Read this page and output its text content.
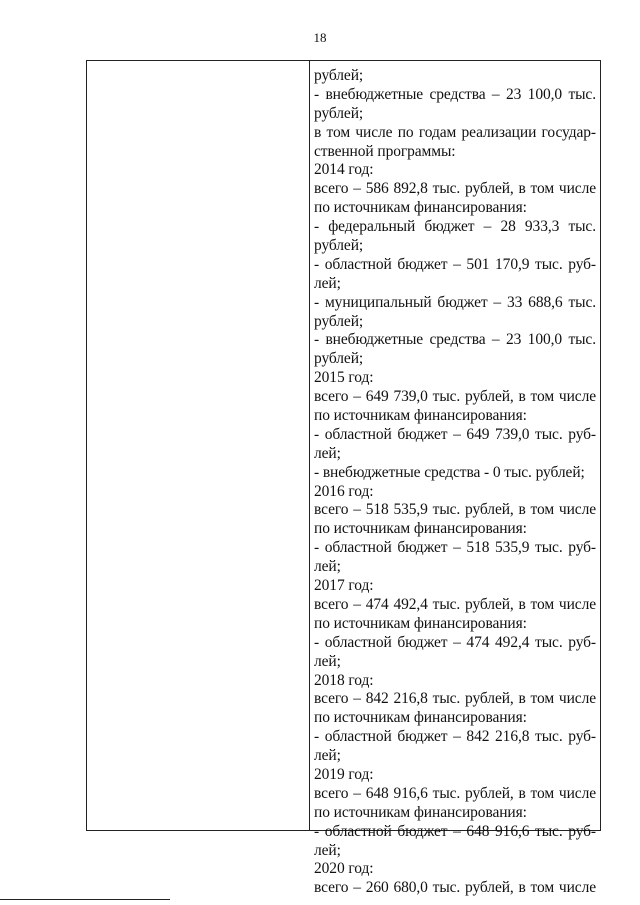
18
рублей;
- внебюджетные средства – 23 100,0 тыс.
рублей;
в том числе по годам реализации государ-
ственной программы:
2014 год:
всего – 586 892,8 тыс. рублей, в том числе
по источникам финансирования:
- федеральный бюджет – 28 933,3 тыс.
рублей;
- областной бюджет – 501 170,9 тыс. руб-
лей;
- муниципальный бюджет – 33 688,6 тыс.
рублей;
- внебюджетные средства – 23 100,0 тыс.
рублей;
2015 год:
всего – 649 739,0 тыс. рублей, в том числе
по источникам финансирования:
- областной бюджет – 649 739,0 тыс. руб-
лей;
- внебюджетные средства - 0 тыс. рублей;
2016 год:
всего – 518 535,9 тыс. рублей, в том числе
по источникам финансирования:
- областной бюджет – 518 535,9 тыс. руб-
лей;
2017 год:
всего – 474 492,4 тыс. рублей, в том числе
по источникам финансирования:
- областной бюджет – 474 492,4 тыс. руб-
лей;
2018 год:
всего – 842 216,8 тыс. рублей, в том числе
по источникам финансирования:
- областной бюджет – 842 216,8 тыс. руб-
лей;
2019 год:
всего – 648 916,6 тыс. рублей, в том числе
по источникам финансирования:
- областной бюджет – 648 916,6 тыс. руб-
лей;
2020 год:
всего – 260 680,0 тыс. рублей, в том числе
